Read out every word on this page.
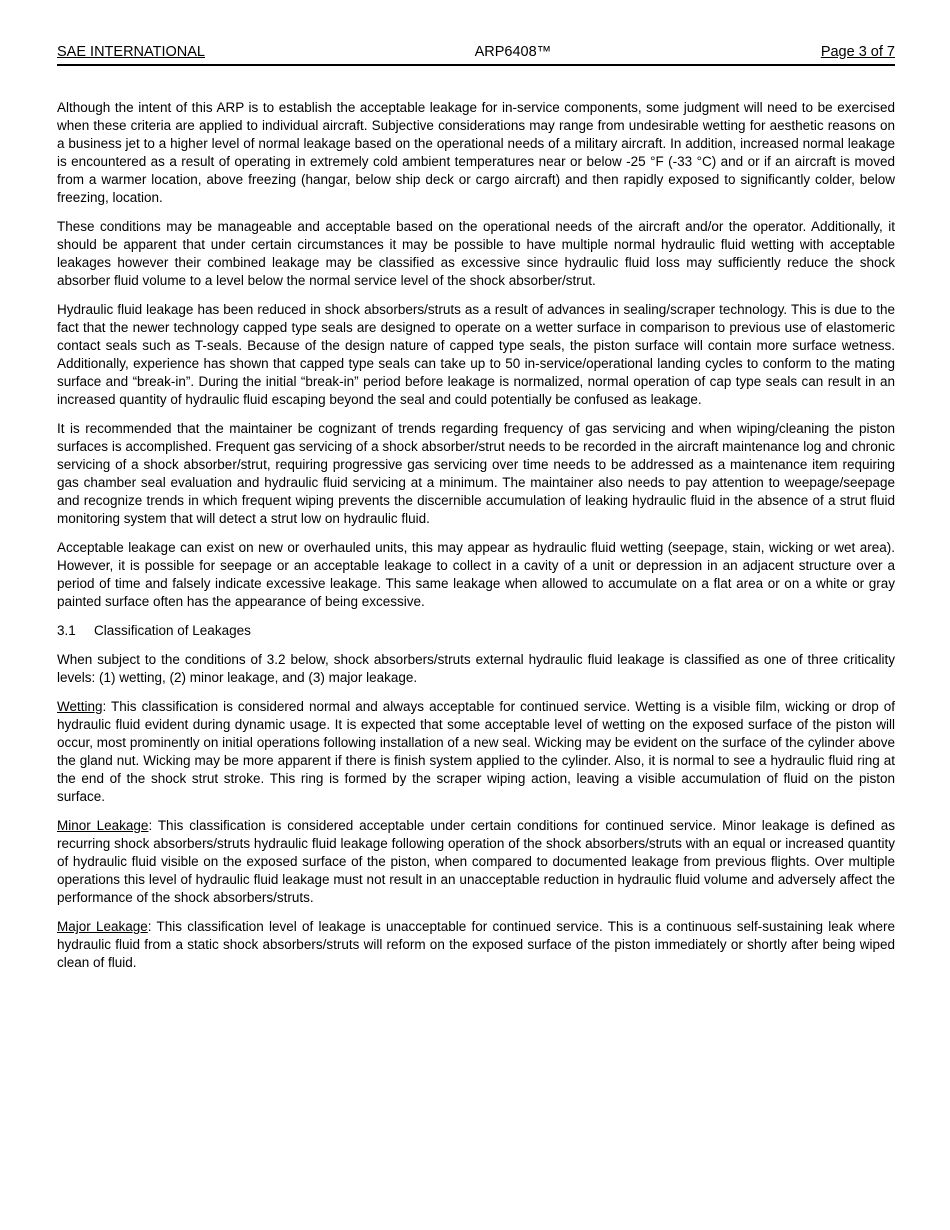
SAE INTERNATIONAL	ARP6408™	Page 3 of 7

Although the intent of this ARP is to establish the acceptable leakage for in-service components, some judgment will need to be exercised when these criteria are applied to individual aircraft. Subjective considerations may range from undesirable wetting for aesthetic reasons on a business jet to a higher level of normal leakage based on the operational needs of a military aircraft. In addition, increased normal leakage is encountered as a result of operating in extremely cold ambient temperatures near or below -25 °F (-33 °C) and or if an aircraft is moved from a warmer location, above freezing (hangar, below ship deck or cargo aircraft) and then rapidly exposed to significantly colder, below freezing, location.

These conditions may be manageable and acceptable based on the operational needs of the aircraft and/or the operator. Additionally, it should be apparent that under certain circumstances it may be possible to have multiple normal hydraulic fluid wetting with acceptable leakages however their combined leakage may be classified as excessive since hydraulic fluid loss may sufficiently reduce the shock absorber fluid volume to a level below the normal service level of the shock absorber/strut.

Hydraulic fluid leakage has been reduced in shock absorbers/struts as a result of advances in sealing/scraper technology. This is due to the fact that the newer technology capped type seals are designed to operate on a wetter surface in comparison to previous use of elastomeric contact seals such as T-seals. Because of the design nature of capped type seals, the piston surface will contain more surface wetness. Additionally, experience has shown that capped type seals can take up to 50 in-service/operational landing cycles to conform to the mating surface and “break-in”. During the initial “break-in” period before leakage is normalized, normal operation of cap type seals can result in an increased quantity of hydraulic fluid escaping beyond the seal and could potentially be confused as leakage.

It is recommended that the maintainer be cognizant of trends regarding frequency of gas servicing and when wiping/cleaning the piston surfaces is accomplished. Frequent gas servicing of a shock absorber/strut needs to be recorded in the aircraft maintenance log and chronic servicing of a shock absorber/strut, requiring progressive gas servicing over time needs to be addressed as a maintenance item requiring gas chamber seal evaluation and hydraulic fluid servicing at a minimum. The maintainer also needs to pay attention to weepage/seepage and recognize trends in which frequent wiping prevents the discernible accumulation of leaking hydraulic fluid in the absence of a strut fluid monitoring system that will detect a strut low on hydraulic fluid.

Acceptable leakage can exist on new or overhauled units, this may appear as hydraulic fluid wetting (seepage, stain, wicking or wet area). However, it is possible for seepage or an acceptable leakage to collect in a cavity of a unit or depression in an adjacent structure over a period of time and falsely indicate excessive leakage. This same leakage when allowed to accumulate on a flat area or on a white or gray painted surface often has the appearance of being excessive.

3.1 Classification of Leakages

When subject to the conditions of 3.2 below, shock absorbers/struts external hydraulic fluid leakage is classified as one of three criticality levels: (1) wetting, (2) minor leakage, and (3) major leakage.

Wetting: This classification is considered normal and always acceptable for continued service. Wetting is a visible film, wicking or drop of hydraulic fluid evident during dynamic usage. It is expected that some acceptable level of wetting on the exposed surface of the piston will occur, most prominently on initial operations following installation of a new seal. Wicking may be evident on the surface of the cylinder above the gland nut. Wicking may be more apparent if there is finish system applied to the cylinder. Also, it is normal to see a hydraulic fluid ring at the end of the shock strut stroke. This ring is formed by the scraper wiping action, leaving a visible accumulation of fluid on the piston surface.

Minor Leakage: This classification is considered acceptable under certain conditions for continued service. Minor leakage is defined as recurring shock absorbers/struts hydraulic fluid leakage following operation of the shock absorbers/struts with an equal or increased quantity of hydraulic fluid visible on the exposed surface of the piston, when compared to documented leakage from previous flights. Over multiple operations this level of hydraulic fluid leakage must not result in an unacceptable reduction in hydraulic fluid volume and adversely affect the performance of the shock absorbers/struts.

Major Leakage: This classification level of leakage is unacceptable for continued service. This is a continuous self-sustaining leak where hydraulic fluid from a static shock absorbers/struts will reform on the exposed surface of the piston immediately or shortly after being wiped clean of fluid.
